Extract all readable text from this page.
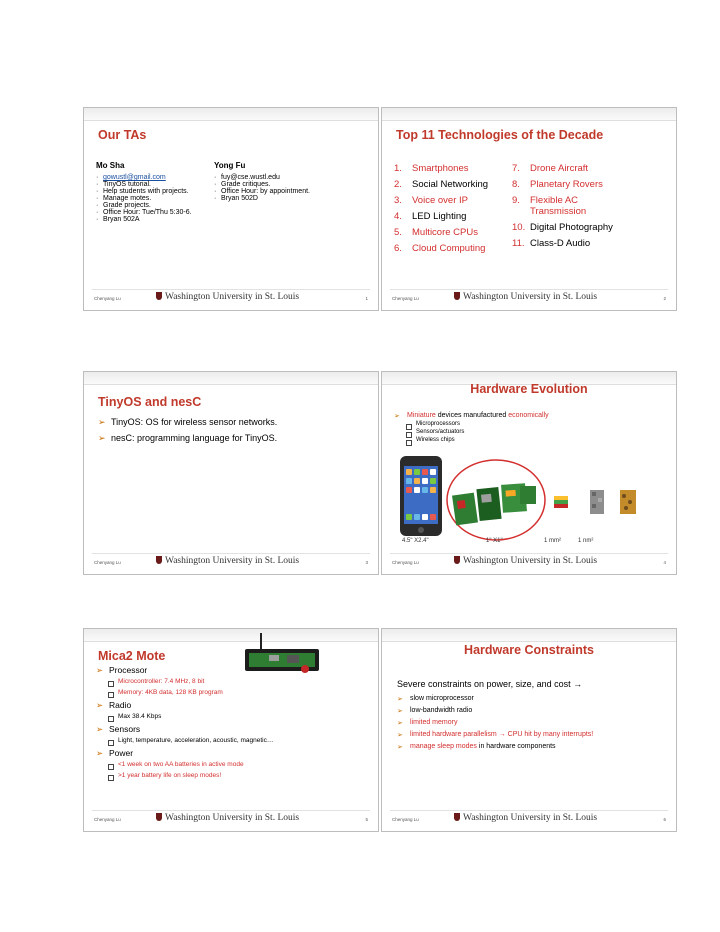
Our TAs
Mo Sha
· gowustl@gmail.com
· TinyOS tutorial.
· Help students with projects.
· Manage motes.
· Grade projects.
· Office Hour: Tue/Thu 5:30-6.
· Bryan 502A
Yong Fu
· fuy@cse.wustl.edu
· Grade critiques.
· Office Hour: by appointment.
· Bryan 502D
Chenyang Lu	Washington University in St. Louis	1
Top 11 Technologies of the Decade
1.	Smartphones
2.	Social Networking
3.	Voice over IP
4.	LED Lighting
5.	Multicore CPUs
6.	Cloud Computing
7.	Drone Aircraft
8.	Planetary Rovers
9.	Flexible AC Transmission
10. Digital Photography
11. Class-D Audio
Chenyang Lu	Washington University in St. Louis	2
TinyOS and nesC
➢ TinyOS: OS for wireless sensor networks.
➢ nesC: programming language for TinyOS.
Chenyang Lu	Washington University in St. Louis	3
Hardware Evolution
➢ Miniature devices manufactured economically
Microprocessors
Sensors/actuators
Wireless chips
4.5ʺ X2.4ʺ	1ʺ X1ʺ	1 mm²	1 nm²
Chenyang Lu	Washington University in St. Louis	4
Mica2 Mote
➢ Processor
Microcontroller: 7.4 MHz, 8 bit
Memory: 4KB data, 128 KB program
➢ Radio
Max 38.4 Kbps
➢ Sensors
Light, temperature, acceleration, acoustic, magnetic…
➢ Power
<1 week on two AA batteries in active mode
>1 year battery life on sleep modes!
Chenyang Lu	Washington University in St. Louis	5
Hardware Constraints
Severe constraints on power, size, and cost →
➢ slow microprocessor
➢ low-bandwidth radio
➢ limited memory
➢ limited hardware parallelism → CPU hit by many interrupts!
➢ manage sleep modes in hardware components
Chenyang Lu	Washington University in St. Louis	6
